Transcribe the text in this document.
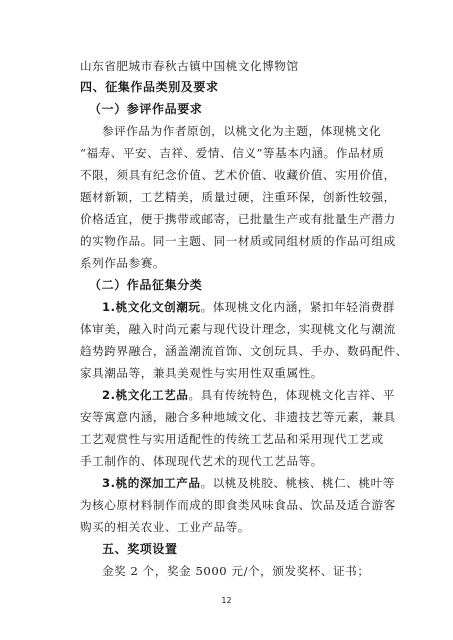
山东省肥城市春秋古镇中国桃文化博物馆
四、征集作品类别及要求
（一）参评作品要求
参评作品为作者原创，以桃文化为主题，体现桃文化
“福寿、平安、吉祥、爱情、信义”等基本内涵。作品材质
不限，须具有纪念价值、艺术价值、收藏价值、实用价值，
题材新颖，工艺精美，质量过硬，注重环保，创新性较强，
价格适宜，便于携带或邮寄，已批量生产或有批量生产潜力
的实物作品。同一主题、同一材质或同组材质的作品可组成
系列作品参赛。
（二）作品征集分类
1.桃文化文创潮玩。体现桃文化内涵，紧扣年轻消费群
体审美，融入时尚元素与现代设计理念，实现桃文化与潮流
趋势跨界融合，涵盖潮流首饰、文创玩具、手办、数码配件、
家具潮品等，兼具美观性与实用性双重属性。
2.桃文化工艺品。具有传统特色，体现桃文化吉祥、平
安等寓意内涵，融合多种地域文化、非遗技艺等元素，兼具
工艺观赏性与实用适配性的传统工艺品和采用现代工艺或
手工制作的、体现现代艺术的现代工艺品等。
3.桃的深加工产品。以桃及桃胶、桃核、桃仁、桃叶等
为核心原材料制作而成的即食类风味食品、饮品及适合游客
购买的相关农业、工业产品等。
五、奖项设置
金奖 2 个，奖金 5000 元/个，颁发奖杯、证书；
12
